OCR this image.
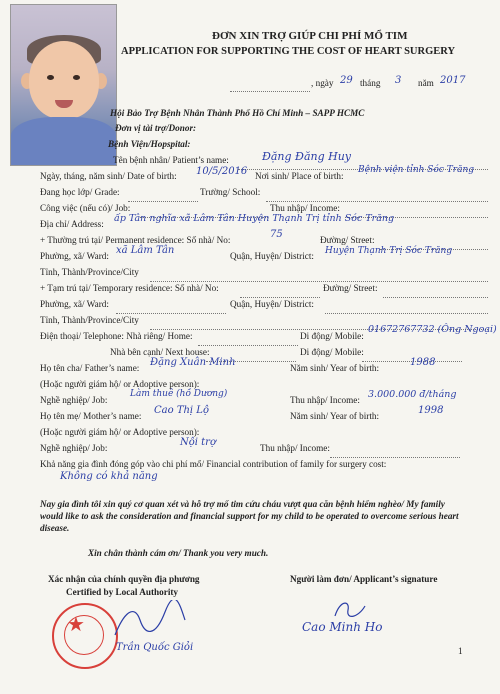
ĐƠN XIN TRỢ GIÚP CHI PHÍ MỔ TIM
APPLICATION FOR SUPPORTING THE COST OF HEART SURGERY
, ngày 29 tháng 3 năm 2017
Hội Bảo Trợ Bệnh Nhân Thành Phố Hồ Chí Minh – SAPP HCMC
Đơn vị tài trợ/Donor:
Bệnh Viện/Hopspital:
Tên bệnh nhân/ Patient’s name:	Đặng Đăng Huy
Ngày, tháng, năm sinh/ Date of birth: 10/5/2016 Nơi sinh/ Place of birth:
Bệnh viện tỉnh Sóc Trăng
Đang học lớp/ Grade:	Trường/ School:
Công việc (nếu có)/ Job:	Thu nhập/ Income:
Địa chỉ/ Address: ấp Tân nghĩa xã Lâm Tân Huyện Thạnh Trị tỉnh Sóc Trăng
+ Thường trú tại/ Permanent residence: Số nhà/ No:	75	Đường/ Street:
Phường, xã/ Ward: xã Lâm Tân	Quận, Huyện/ District: Huyện Thạnh Trị Sóc Trăng
Tỉnh, Thành/Province/City
+ Tạm trú tại/ Temporary residence: Số nhà/ No:	Đường/ Street:
Phường, xã/ Ward:	Quận, Huyện/ District:
Tỉnh, Thành/Province/City
Điện thoại/ Telephone: Nhà riêng/ Home:	Di động/ Mobile:
01672767732 (Ông Ngoại)
Nhà bên cạnh/ Next house:	Di động/ Mobile:
Họ tên cha/ Father’s name: Đặng Xuân Minh	Năm sinh/ Year of birth:	1988
(Hoặc người giám hộ/ or Adoptive person):
Nghề nghiệp/ Job:
Làm thuê (hồ Dương)
Thu nhập/ Income: 3.000.000 đ/tháng
Họ tên mẹ/ Mother’s name: Cao Thị Lộ	Năm sinh/ Year of birth:	1998
(Hoặc người giám hộ/ or Adoptive person):
Nghề nghiệp/ Job:	Nội trợ	Thu nhập/ Income:
Khả năng gia đình đóng góp vào chi phí mổ/ Financial contribution of family for surgery cost:
Không có khả năng
Nay gia đình tôi xin quý cơ quan xét và hỗ trợ mổ tim cứu cháu vượt qua căn bệnh hiểm nghèo/ My family would like to ask the consideration and financial support for my child to be operated to overcome serious heart disease.
Xin chân thành cám ơn/ Thank you very much.
Xác nhận của chính quyền địa phương
Certified by Local Authority
Người làm đơn/ Applicant’s signature
★
Trần Quốc Giỏi
Cao Minh Ho
1
